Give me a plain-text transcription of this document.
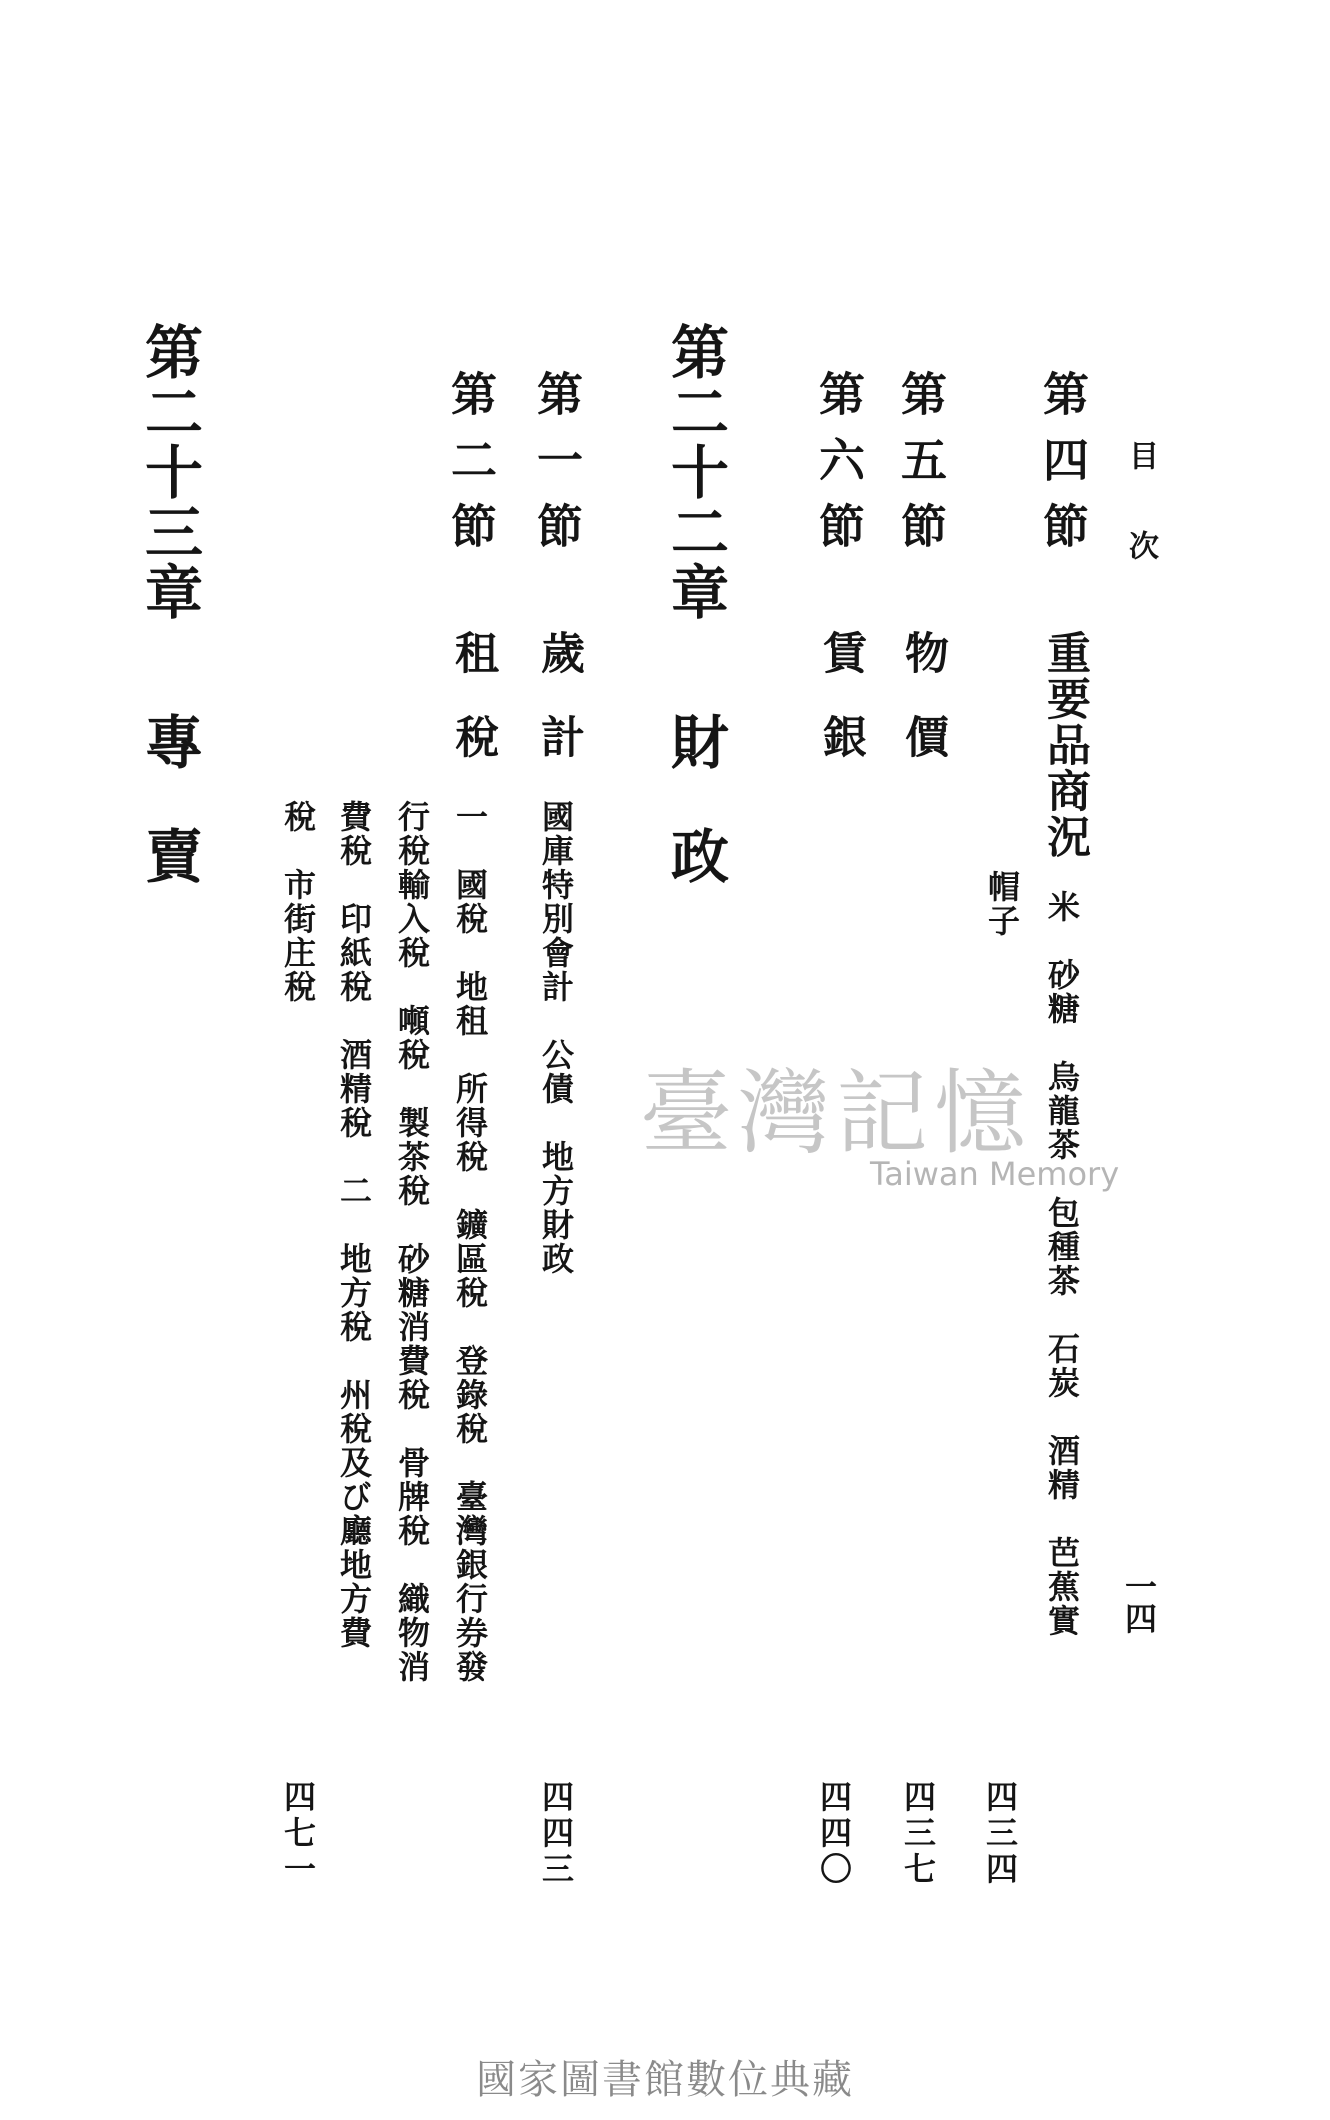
目
次
一四
第四節
重要品商況
米　砂糖　烏龍茶　包種茶　石炭　酒精　芭蕉實
帽子
四三四
第五節
物價
四三七
第六節
賃銀
四四〇
第二十二章
財政
第一節
歲計
國庫特別會計　公債　地方財政
四四三
第二節
租稅
一　國稅　地租　所得稅　鑛區稅　登錄稅　臺灣銀行券發
行稅輸入稅　噸稅　製茶稅　砂糖消費稅　骨牌稅　織物消
費稅　印紙稅　酒精稅　二　地方稅　州稅及び廳地方費
稅　市街庄稅
四七一
第二十三章
專賣
臺灣記憶
Taiwan Memory
國家圖書館數位典藏
